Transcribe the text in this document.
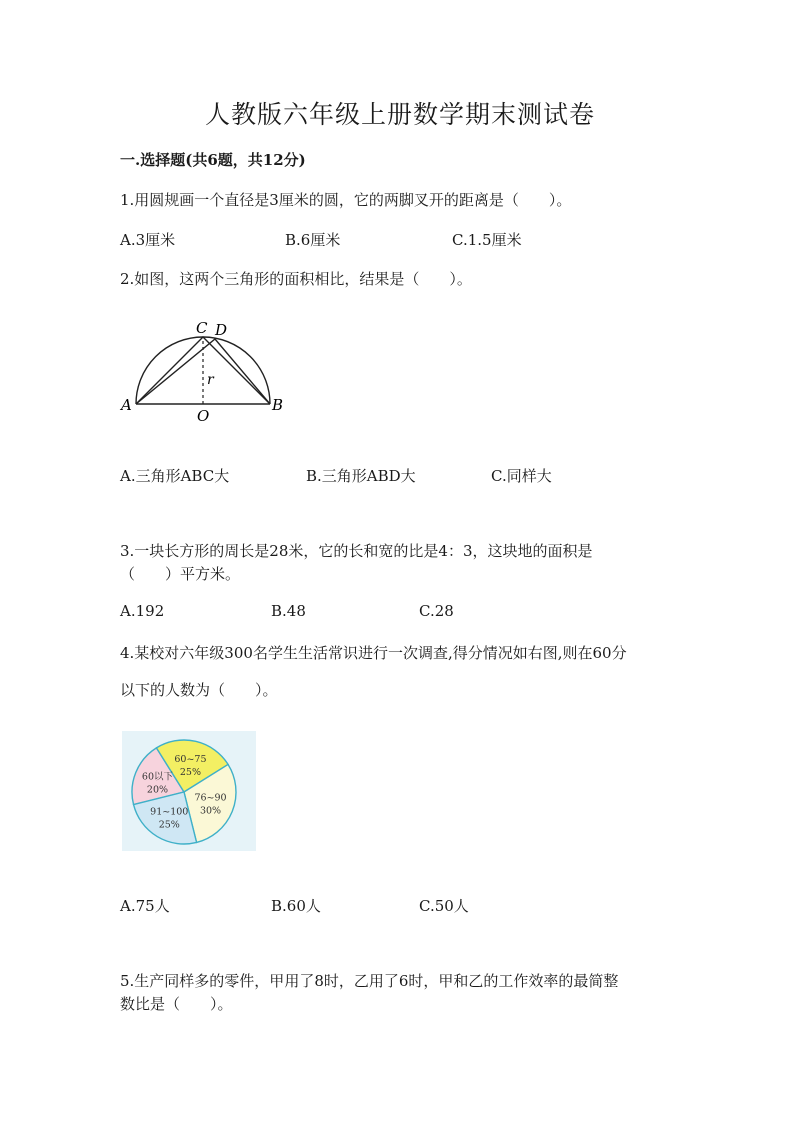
人教版六年级上册数学期末测试卷
一.选择题(共6题，共12分)
1.用圆规画一个直径是3厘米的圆，它的两脚叉开的距离是（　　）。
A.3厘米	B.6厘米	C.1.5厘米
2.如图，这两个三角形的面积相比，结果是（　　）。
C D
A	B
O
r
A.三角形ABC大	B.三角形ABD大	C.同样大
3.一块长方形的周长是28米，它的长和宽的比是4：3，这块地的面积是
（　　）平方米。
A.192	B.48	C.28
4.某校对六年级300名学生生活常识进行一次调查,得分情况如右图,则在60分
以下的人数为（　　）。
60以下
20%
60~75
25%
76~90
30%
91~100
25%
A.75人	B.60人	C.50人
5.生产同样多的零件，甲用了8时，乙用了6时，甲和乙的工作效率的最简整
数比是（　　）。
